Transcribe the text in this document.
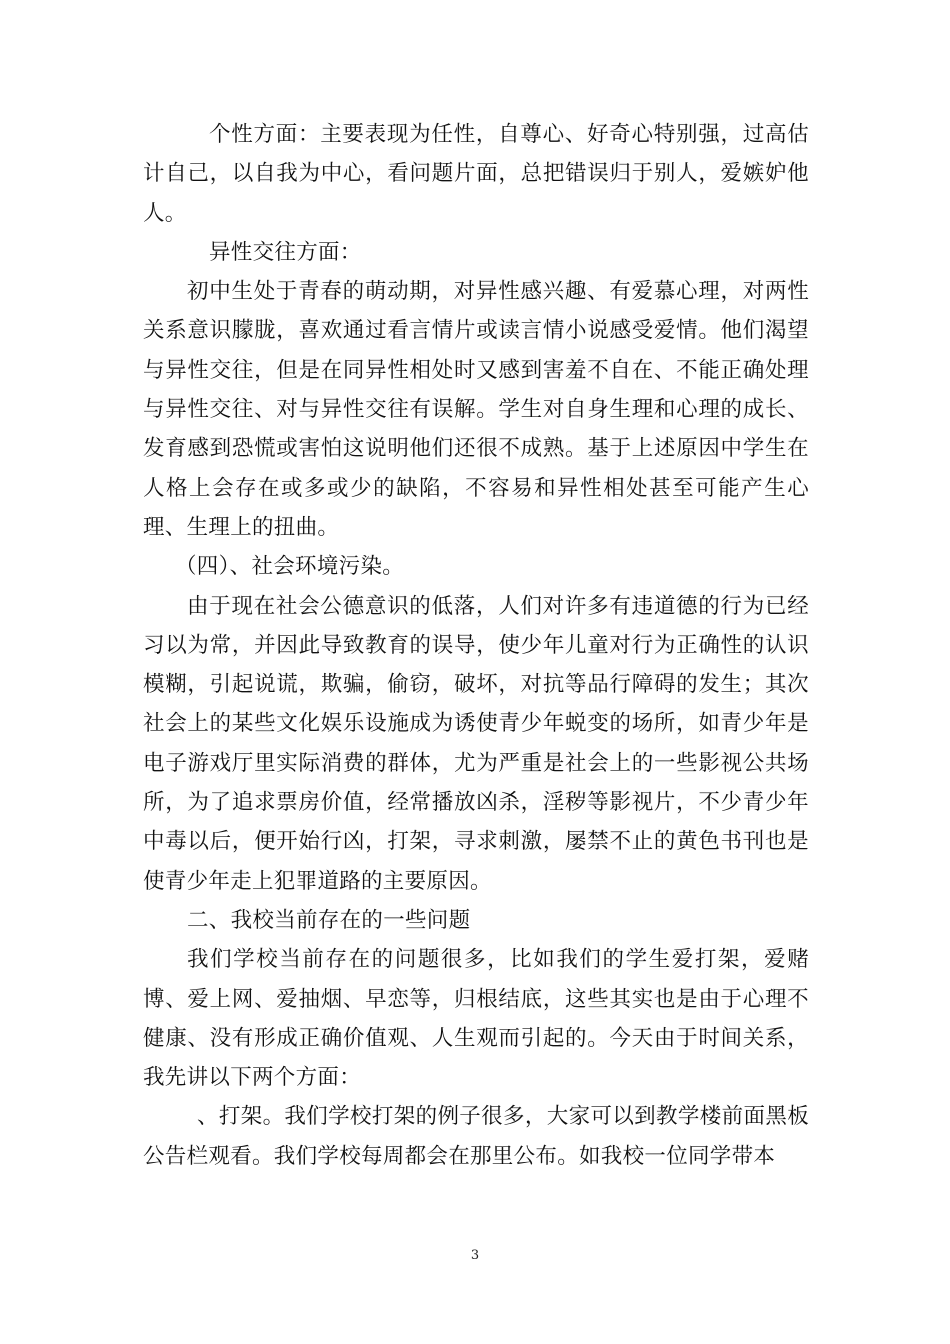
个性方面：主要表现为任性，自尊心、好奇心特别强，过高估计自己，以自我为中心，看问题片面，总把错误归于别人，爱嫉妒他人。

异性交往方面：

初中生处于青春的萌动期，对异性感兴趣、有爱慕心理，对两性关系意识朦胧，喜欢通过看言情片或读言情小说感受爱情。他们渴望与异性交往，但是在同异性相处时又感到害羞不自在、不能正确处理与异性交往、对与异性交往有误解。学生对自身生理和心理的成长、发育感到恐慌或害怕这说明他们还很不成熟。基于上述原因中学生在人格上会存在或多或少的缺陷，不容易和异性相处甚至可能产生心理、生理上的扭曲。

（四）、社会环境污染。

由于现在社会公德意识的低落，人们对许多有违道德的行为已经习以为常，并因此导致教育的误导，使少年儿童对行为正确性的认识模糊，引起说谎，欺骗，偷窃，破坏，对抗等品行障碍的发生；其次社会上的某些文化娱乐设施成为诱使青少年蜕变的场所，如青少年是电子游戏厅里实际消费的群体，尤为严重是社会上的一些影视公共场所，为了追求票房价值，经常播放凶杀，淫秽等影视片，不少青少年中毒以后，便开始行凶，打架，寻求刺激，屡禁不止的黄色书刊也是使青少年走上犯罪道路的主要原因。

二、我校当前存在的一些问题

我们学校当前存在的问题很多，比如我们的学生爱打架，爱赌博、爱上网、爱抽烟、早恋等，归根结底，这些其实也是由于心理不健康、没有形成正确价值观、人生观而引起的。今天由于时间关系，我先讲以下两个方面：

、打架。我们学校打架的例子很多，大家可以到教学楼前面黑板公告栏观看。我们学校每周都会在那里公布。如我校一位同学带本

3
